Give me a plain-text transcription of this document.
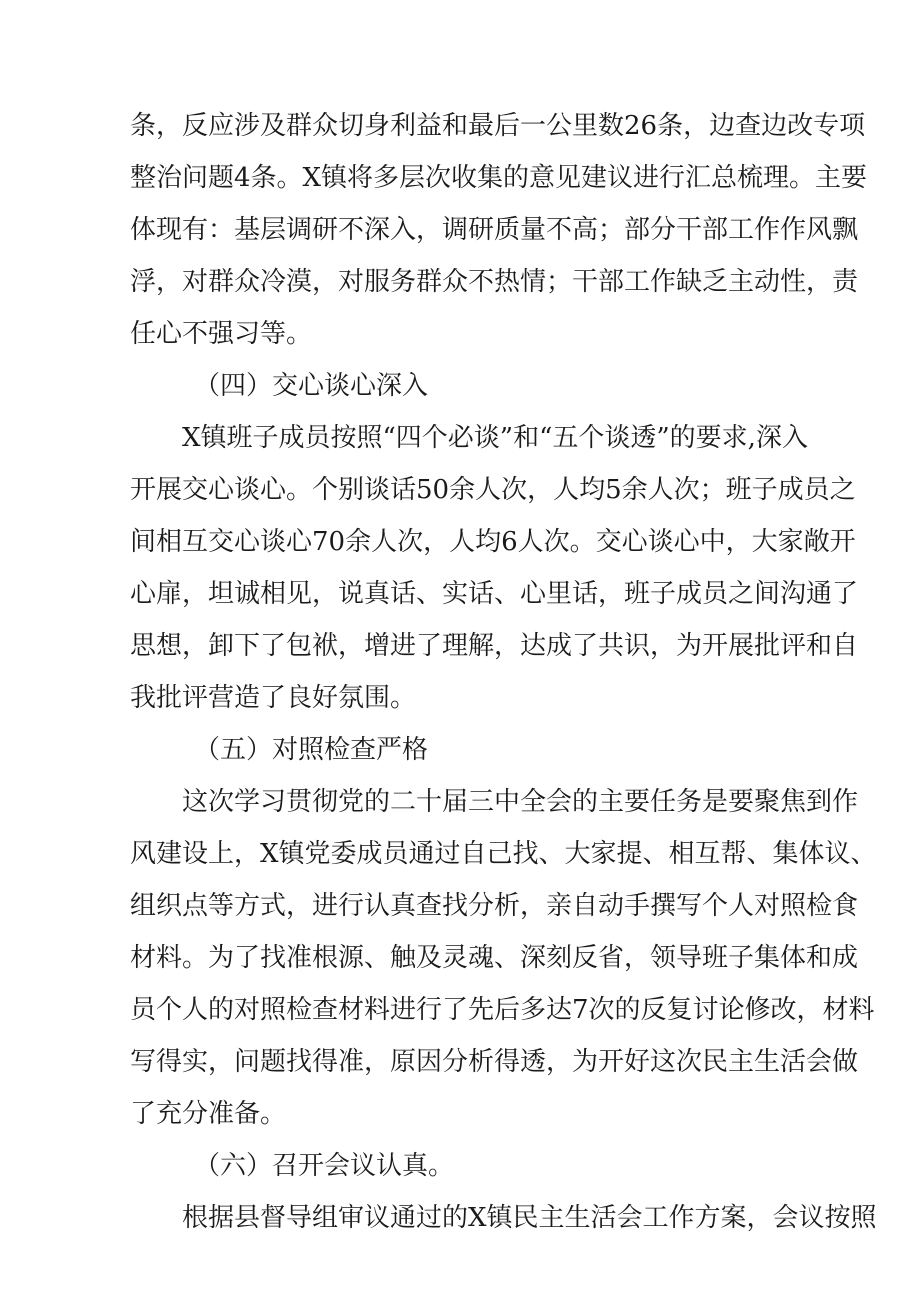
条，反应涉及群众切身利益和最后一公里数26条，边查边改专项
整治问题4条。X镇将多层次收集的意见建议进行汇总梳理。主要
体现有：基层调研不深入，调研质量不高；部分干部工作作风飘
浮，对群众冷漠，对服务群众不热情；干部工作缺乏主动性，责
任心不强习等。
（四）交心谈心深入
X镇班子成员按照“四个必谈”和“五个谈透”的要求,深入
开展交心谈心。个别谈话50余人次，人均5余人次；班子成员之
间相互交心谈心70余人次，人均6人次。交心谈心中，大家敞开
心扉，坦诚相见，说真话、实话、心里话，班子成员之间沟通了
思想，卸下了包袱，增进了理解，达成了共识，为开展批评和自
我批评营造了良好氛围。
（五）对照检查严格
这次学习贯彻党的二十届三中全会的主要任务是要聚焦到作
风建设上，X镇党委成员通过自己找、大家提、相互帮、集体议、
组织点等方式，进行认真查找分析，亲自动手撰写个人对照检食
材料。为了找准根源、触及灵魂、深刻反省，领导班子集体和成
员个人的对照检查材料进行了先后多达7次的反复讨论修改，材料
写得实，问题找得准，原因分析得透，为开好这次民主生活会做
了充分准备。
（六）召开会议认真。
根据县督导组审议通过的X镇民主生活会工作方案，会议按照
